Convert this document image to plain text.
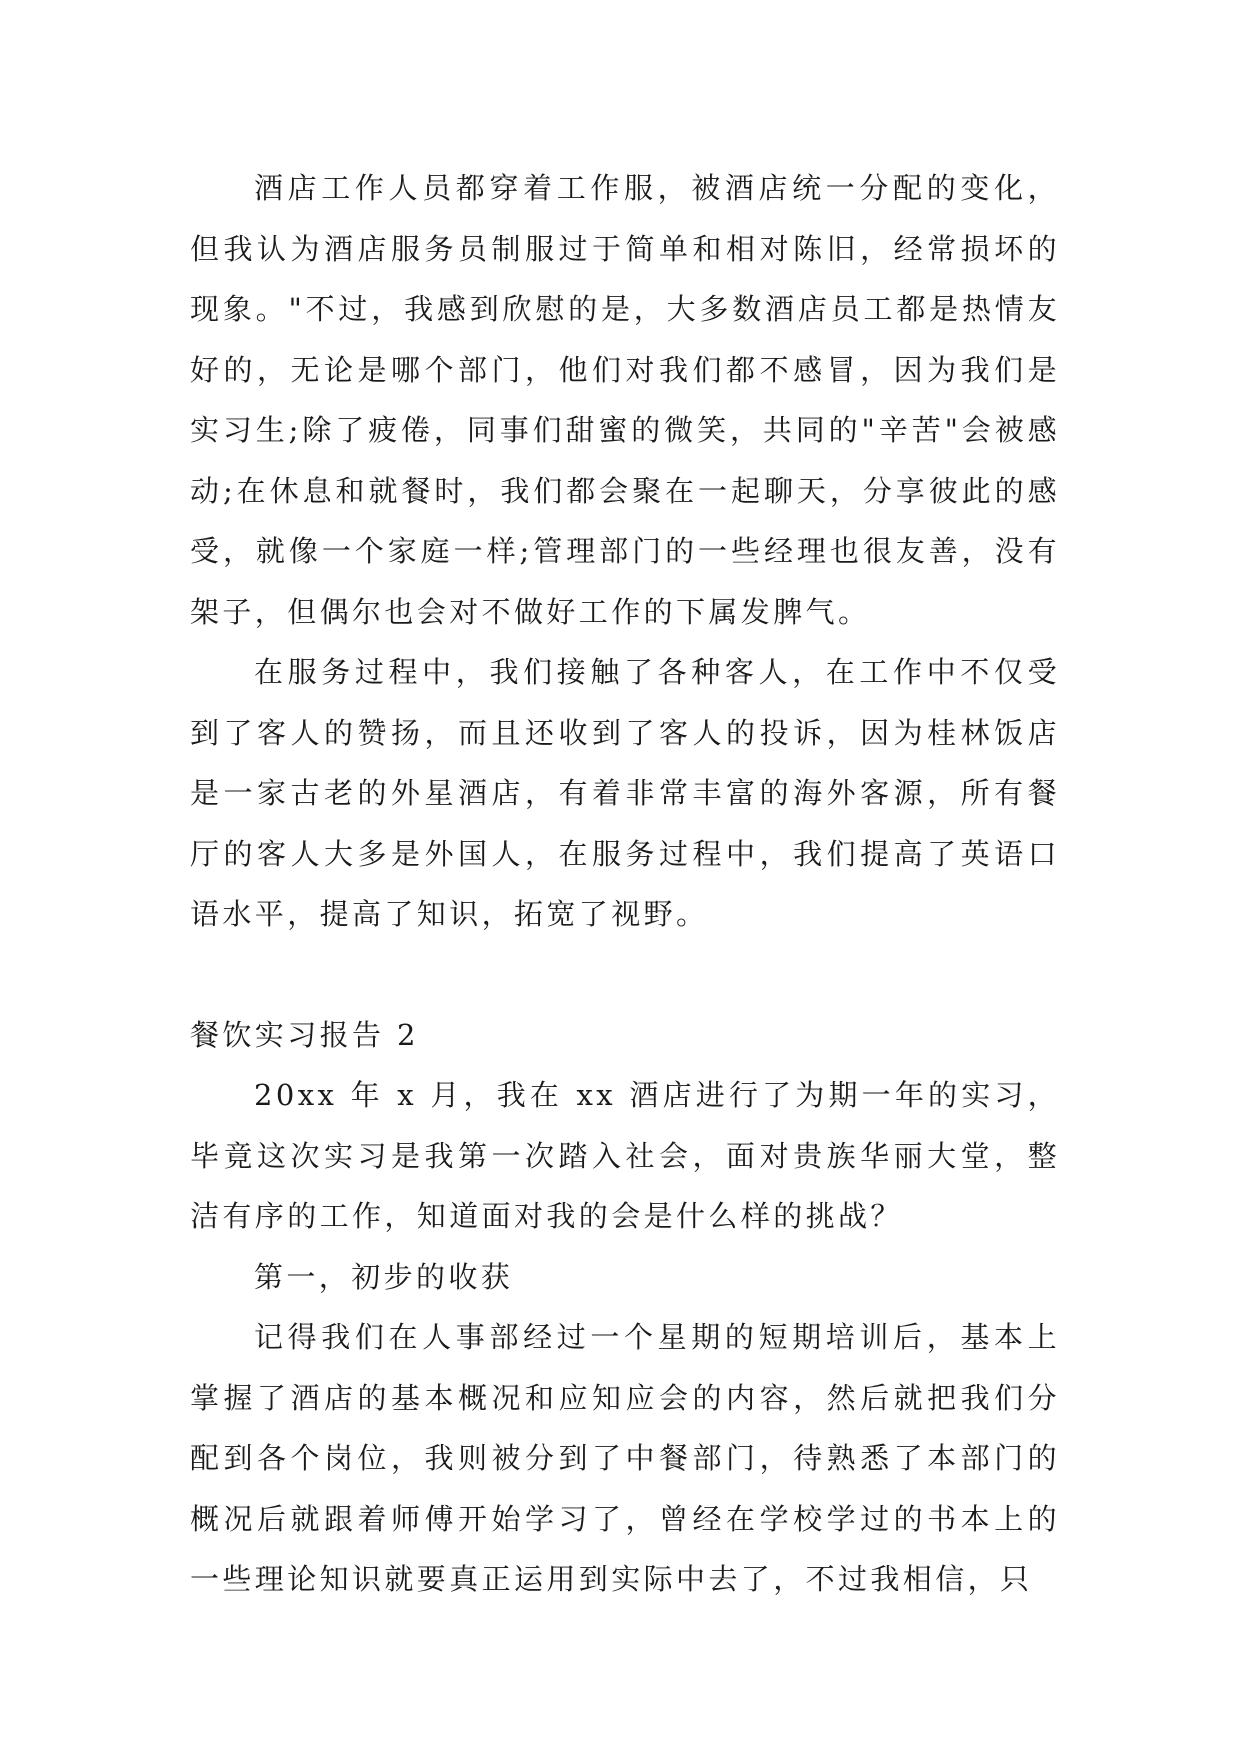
酒店工作人员都穿着工作服，被酒店统一分配的变化，但我认为酒店服务员制服过于简单和相对陈旧，经常损坏的现象。"不过，我感到欣慰的是，大多数酒店员工都是热情友好的，无论是哪个部门，他们对我们都不感冒，因为我们是实习生;除了疲倦，同事们甜蜜的微笑，共同的"辛苦"会被感动;在休息和就餐时，我们都会聚在一起聊天，分享彼此的感受，就像一个家庭一样;管理部门的一些经理也很友善，没有架子，但偶尔也会对不做好工作的下属发脾气。

在服务过程中，我们接触了各种客人，在工作中不仅受到了客人的赞扬，而且还收到了客人的投诉，因为桂林饭店是一家古老的外星酒店，有着非常丰富的海外客源，所有餐厅的客人大多是外国人，在服务过程中，我们提高了英语口语水平，提高了知识，拓宽了视野。

餐饮实习报告 2

20xx 年 x 月，我在 xx 酒店进行了为期一年的实习，毕竟这次实习是我第一次踏入社会，面对贵族华丽大堂，整洁有序的工作，知道面对我的会是什么样的挑战？

第一，初步的收获

记得我们在人事部经过一个星期的短期培训后，基本上掌握了酒店的基本概况和应知应会的内容，然后就把我们分配到各个岗位，我则被分到了中餐部门，待熟悉了本部门的概况后就跟着师傅开始学习了，曾经在学校学过的书本上的一些理论知识就要真正运用到实际中去了，不过我相信，只
